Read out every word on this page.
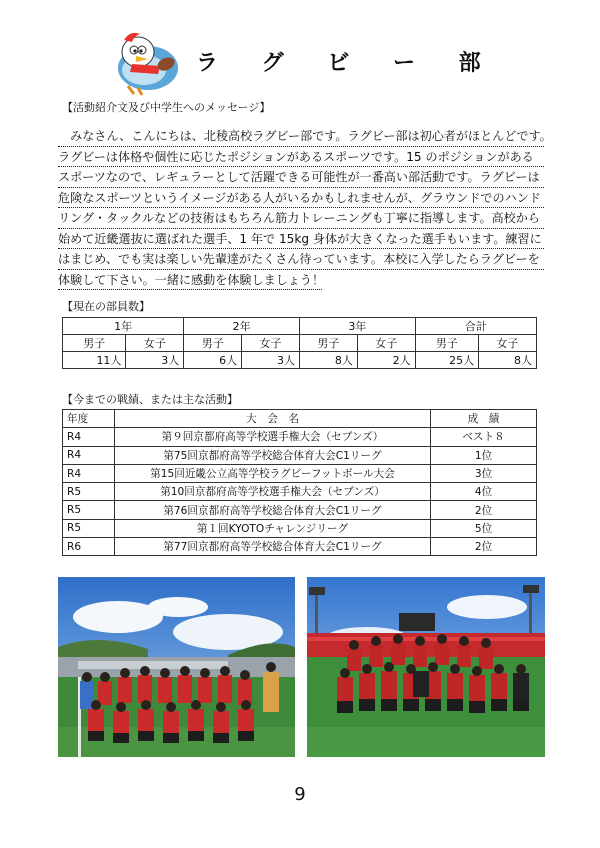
ラ グ ビ ー 部
【活動紹介文及び中学生へのメッセージ】
　みなさん、こんにちは、北稜高校ラグビー部です。ラグビー部は初心者がほとんどです。
ラグビーは体格や個性に応じたポジションがあるスポーツです。15 のポジションがある
スポーツなので、レギュラーとして活躍できる可能性が一番高い部活動です。ラグビーは
危険なスポーツというイメージがある人がいるかもしれませんが、グラウンドでのハンド
リング・タックルなどの技術はもちろん筋力トレーニングも丁寧に指導します。高校から
始めて近畿選抜に選ばれた選手、1 年で 15kg 身体が大きくなった選手もいます。練習に
はまじめ、でも実は楽しい先輩達がたくさん待っています。本校に入学したらラグビーを
体験して下さい。一緒に感動を体験しましょう！
【現在の部員数】
1年		2年		3年		合計	
男子	女子	男子	女子	男子	女子	男子	女子
11人	3人	6人	3人	8人	2人	25人	8人
【今までの戦績、または主な活動】
年度	大　会　名	成　績
R4	第９回京都府高等学校選手権大会（セブンズ）	ベスト８
R4	第75回京都府高等学校総合体育大会C1リーグ	1位
R4	第15回近畿公立高等学校ラグビーフットボール大会	3位
R5	第10回京都府高等学校選手権大会（セブンズ）	4位
R5	第76回京都府高等学校総合体育大会C1リーグ	2位
R5	第１回KYOTOチャレンジリーグ	5位
R6	第77回京都府高等学校総合体育大会C1リーグ	2位
9
